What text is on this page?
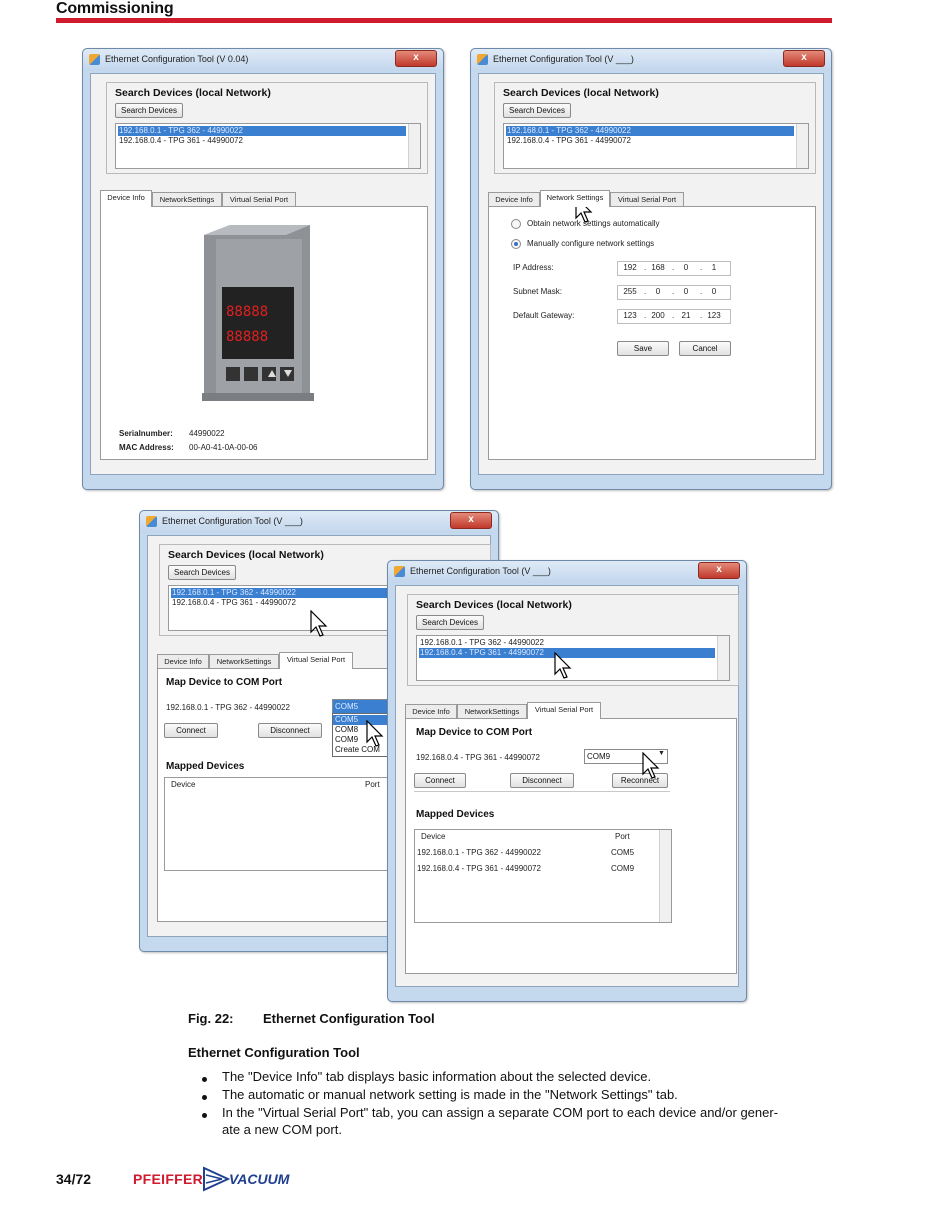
Commissioning
Ethernet Configuration Tool (V 0.04)	x
Search Devices (local Network)
Search Devices
192.168.0.1 - TPG 362 - 44990022
192.168.0.4 - TPG 361 - 44990072
Device Info	NetworkSettings	Virtual Serial Port
88888
88888
Serialnumber: 44990022
MAC Address: 00-A0-41-0A-00-06
Ethernet Configuration Tool (V ___)	x
Search Devices (local Network)
Search Devices
192.168.0.1 - TPG 362 - 44990022
192.168.0.4 - TPG 361 - 44990072
Device Info	Network Settings	Virtual Serial Port
Obtain network settings automatically
Manually configure network settings
IP Address:	192 . 168 .	0	.	1
Subnet Mask:	255 .	0	.	0	.	0
Default Gateway:	123 . 200 . 21	. 123
Save	Cancel
Ethernet Configuration Tool (V ___)	x
Search Devices (local Network)
Search Devices
192.168.0.1 - TPG 362 - 44990022
192.168.0.4 - TPG 361 - 44990072
Device Info	NetworkSettings	Virtual Serial Port
Map Device to COM Port
192.168.0.1 - TPG 362 - 44990022	COM5
COM5
COM8
COM9
Create COM
Connect	Disconnect
Mapped Devices
Device	Port
Ethernet Configuration Tool (V ___)	x
Search Devices (local Network)
Search Devices
192.168.0.1 - TPG 362 - 44990022
192.168.0.4 - TPG 361 - 44990072
Device Info	NetworkSettings	Virtual Serial Port
Map Device to COM Port
192.168.0.4 - TPG 361 - 44990072	COM9	▼
Connect	Disconnect	Reconnect
Mapped Devices
Device	Port
192.168.0.1 - TPG 362 - 44990022	COM5
192.168.0.4 - TPG 361 - 44990072	COM9
Fig. 22: Ethernet Configuration Tool
Ethernet Configuration Tool
The "Device Info" tab displays basic information about the selected device.
The automatic or manual network setting is made in the "Network Settings" tab.
In the "Virtual Serial Port" tab, you can assign a separate COM port to each device and/or gener-
ate a new COM port.
34/72	PFEIFFER VACUUM
